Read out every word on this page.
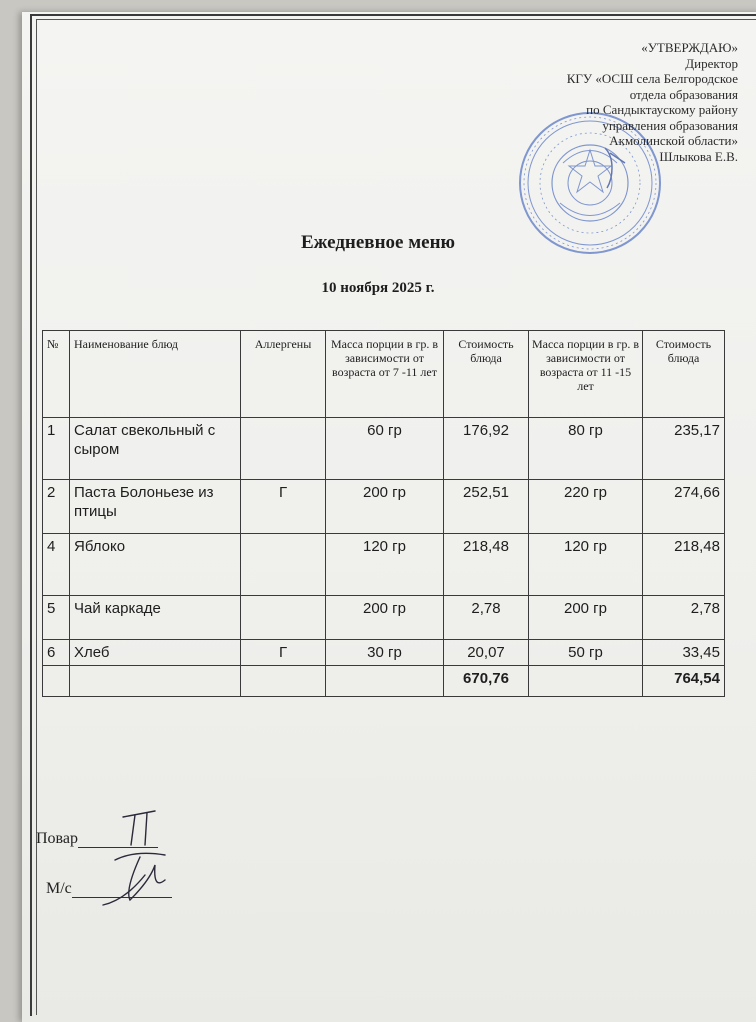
«УТВЕРЖДАЮ»
Директор
КГУ «ОСШ села Белгородское
отдела образования
по Сандыктаускому району
управления образования
Акмолинской области»
Шлыкова Е.В.
Ежедневное меню
10 ноября 2025 г.
№	Наименование блюд	Аллергены	Масса порции в гр. в зависимости от возраста от 7 -11 лет	Стоимость блюда	Масса порции в гр. в зависимости от возраста от 11 -15 лет	Стоимость блюда
1	Салат свекольный с сыром		60 гр	176,92	80 гр	235,17
2	Паста Болоньезе из птицы	Г	200 гр	252,51	220 гр	274,66
4	Яблоко		120 гр	218,48	120 гр	218,48
5	Чай каркаде		200 гр	2,78	200 гр	2,78
6	Хлеб	Г	30 гр	20,07	50 гр	33,45
				670,76		764,54
Повар
М/с
